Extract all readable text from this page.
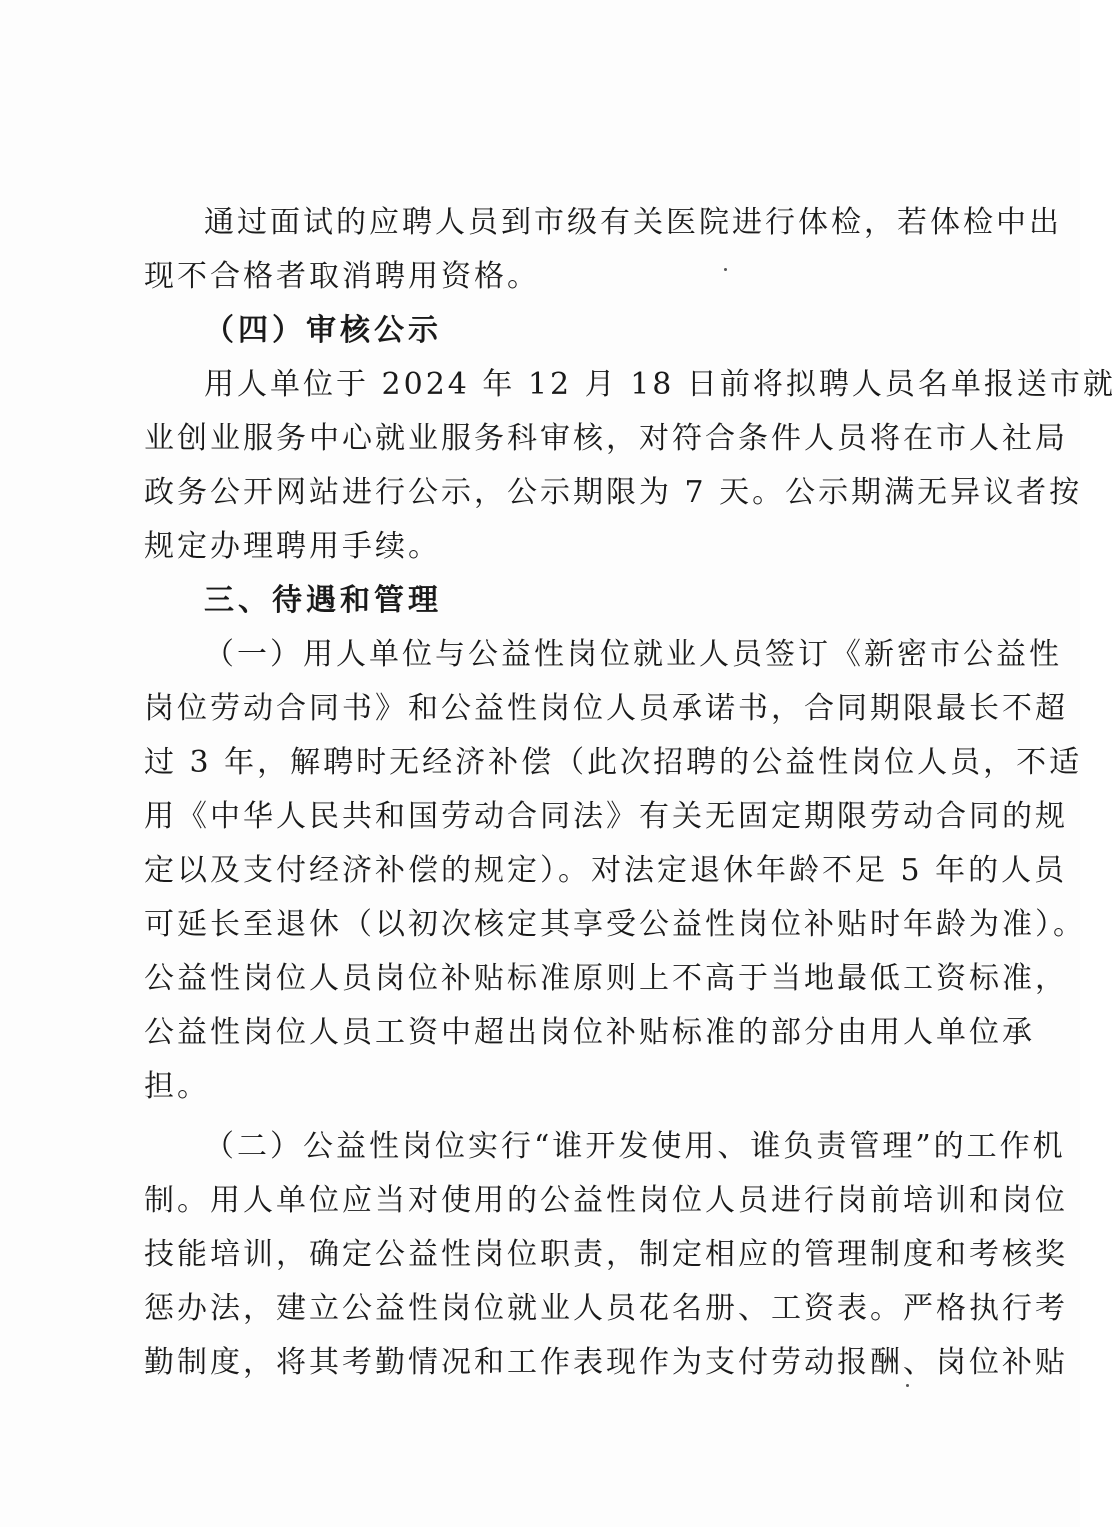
通过面试的应聘人员到市级有关医院进行体检，若体检中出
现不合格者取消聘用资格。
（四）审核公示
用人单位于 2024 年 12 月 18 日前将拟聘人员名单报送市就
业创业服务中心就业服务科审核，对符合条件人员将在市人社局
政务公开网站进行公示，公示期限为 7 天。公示期满无异议者按
规定办理聘用手续。
三、待遇和管理
（一）用人单位与公益性岗位就业人员签订《新密市公益性
岗位劳动合同书》和公益性岗位人员承诺书，合同期限最长不超
过 3 年，解聘时无经济补偿（此次招聘的公益性岗位人员，不适
用《中华人民共和国劳动合同法》有关无固定期限劳动合同的规
定以及支付经济补偿的规定）。对法定退休年龄不足 5 年的人员
可延长至退休（以初次核定其享受公益性岗位补贴时年龄为准）。
公益性岗位人员岗位补贴标准原则上不高于当地最低工资标准，
公益性岗位人员工资中超出岗位补贴标准的部分由用人单位承
担。
（二）公益性岗位实行“谁开发使用、谁负责管理”的工作机
制。用人单位应当对使用的公益性岗位人员进行岗前培训和岗位
技能培训，确定公益性岗位职责，制定相应的管理制度和考核奖
惩办法，建立公益性岗位就业人员花名册、工资表。严格执行考
勤制度，将其考勤情况和工作表现作为支付劳动报酬、岗位补贴
